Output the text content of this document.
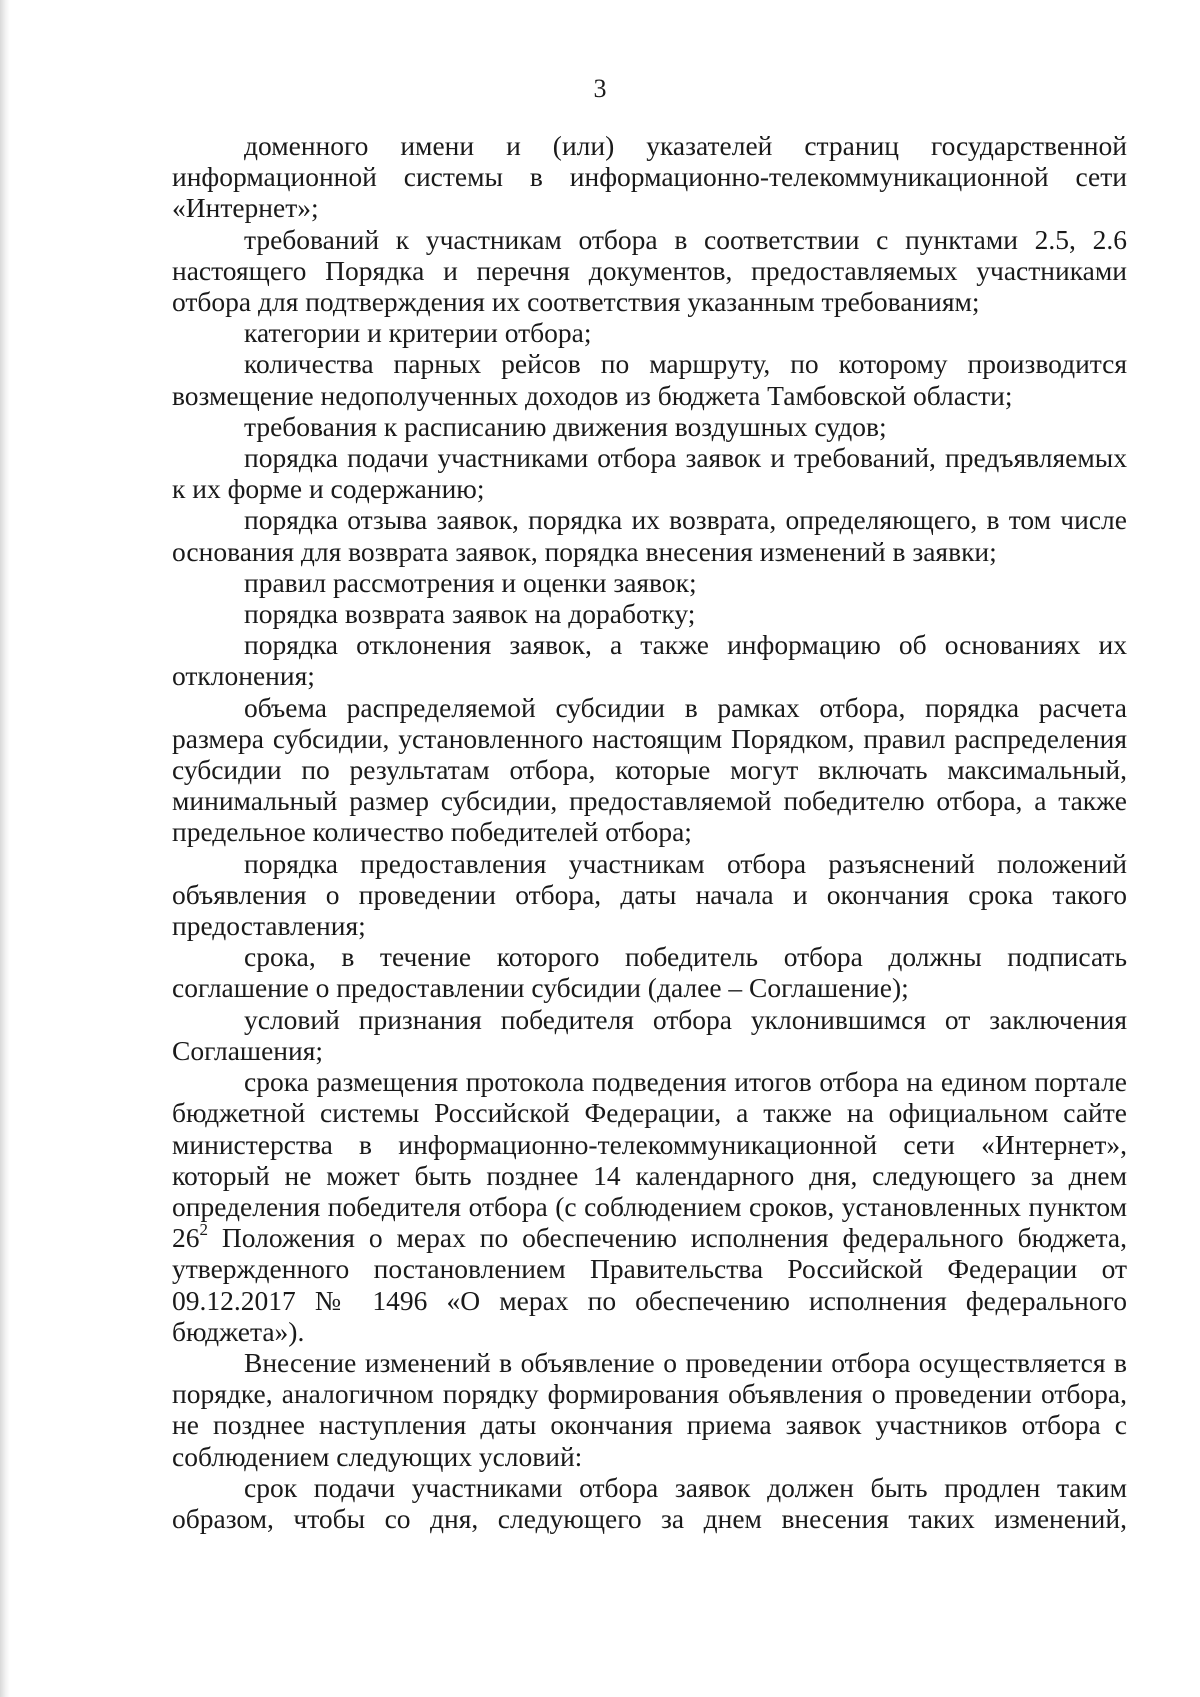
3

доменного имени и (или) указателей страниц государственной информационной системы в информационно-телекоммуникационной сети «Интернет»;

требований к участникам отбора в соответствии с пунктами 2.5, 2.6 настоящего Порядка и перечня документов, предоставляемых участниками отбора для подтверждения их соответствия указанным требованиям;

категории и критерии отбора;

количества парных рейсов по маршруту, по которому производится возмещение недополученных доходов из бюджета Тамбовской области;

требования к расписанию движения воздушных судов;

порядка подачи участниками отбора заявок и требований, предъявляемых к их форме и содержанию;

порядка отзыва заявок, порядка их возврата, определяющего, в том числе основания для возврата заявок, порядка внесения изменений в заявки;

правил рассмотрения и оценки заявок;

порядка возврата заявок на доработку;

порядка отклонения заявок, а также информацию об основаниях их отклонения;

объема распределяемой субсидии в рамках отбора, порядка расчета размера субсидии, установленного настоящим Порядком, правил распределения субсидии по результатам отбора, которые могут включать максимальный, минимальный размер субсидии, предоставляемой победителю отбора, а также предельное количество победителей отбора;

порядка предоставления участникам отбора разъяснений положений объявления о проведении отбора, даты начала и окончания срока такого предоставления;

срока, в течение которого победитель отбора должны подписать соглашение о предоставлении субсидии (далее – Соглашение);

условий признания победителя отбора уклонившимся от заключения Соглашения;

срока размещения протокола подведения итогов отбора на едином портале бюджетной системы Российской Федерации, а также на официальном сайте министерства в информационно-телекоммуникационной сети «Интернет», который не может быть позднее 14 календарного дня, следующего за днем определения победителя отбора (с соблюдением сроков, установленных пунктом $26^2$ Положения о мерах по обеспечению исполнения федерального бюджета, утвержденного постановлением Правительства Российской Федерации от 09.12.2017 № 1496 «О мерах по обеспечению исполнения федерального бюджета»).

Внесение изменений в объявление о проведении отбора осуществляется в порядке, аналогичном порядку формирования объявления о проведении отбора, не позднее наступления даты окончания приема заявок участников отбора с соблюдением следующих условий:

срок подачи участниками отбора заявок должен быть продлен таким образом, чтобы со дня, следующего за днем внесения таких изменений,
